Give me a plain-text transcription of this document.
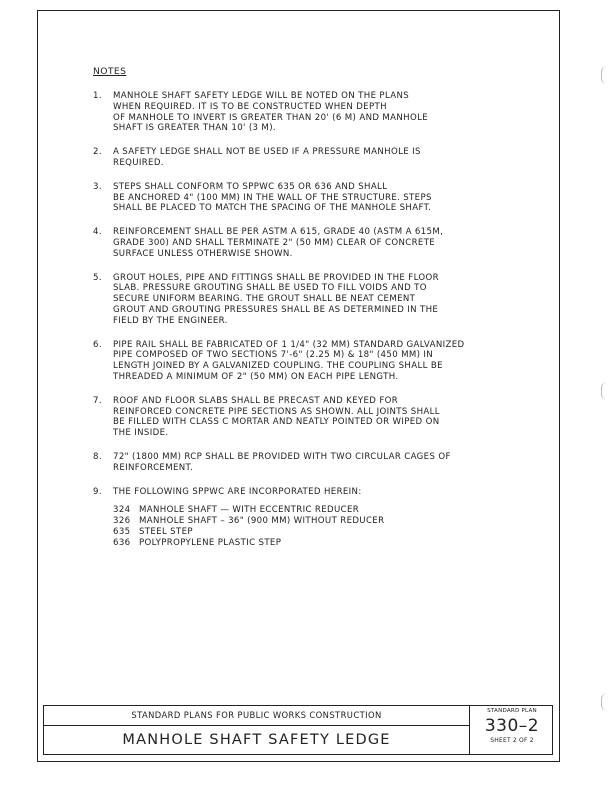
NOTES
1.	MANHOLE SHAFT SAFETY LEDGE WILL BE NOTED ON THE PLANS
WHEN REQUIRED. IT IS TO BE CONSTRUCTED WHEN DEPTH
OF MANHOLE TO INVERT IS GREATER THAN 20' (6 M) AND MANHOLE
SHAFT IS GREATER THAN 10' (3 M).
2.	A SAFETY LEDGE SHALL NOT BE USED IF A PRESSURE MANHOLE IS
REQUIRED.
3.	STEPS SHALL CONFORM TO SPPWC 635 OR 636 AND SHALL
BE ANCHORED 4" (100 MM) IN THE WALL OF THE STRUCTURE. STEPS
SHALL BE PLACED TO MATCH THE SPACING OF THE MANHOLE SHAFT.
4.	REINFORCEMENT SHALL BE PER ASTM A 615, GRADE 40 (ASTM A 615M,
GRADE 300) AND SHALL TERMINATE 2" (50 MM) CLEAR OF CONCRETE
SURFACE UNLESS OTHERWISE SHOWN.
5.	GROUT HOLES, PIPE AND FITTINGS SHALL BE PROVIDED IN THE FLOOR
SLAB. PRESSURE GROUTING SHALL BE USED TO FILL VOIDS AND TO
SECURE UNIFORM BEARING. THE GROUT SHALL BE NEAT CEMENT
GROUT AND GROUTING PRESSURES SHALL BE AS DETERMINED IN THE
FIELD BY THE ENGINEER.
6.	PIPE RAIL SHALL BE FABRICATED OF 1 1/4" (32 MM) STANDARD GALVANIZED
PIPE COMPOSED OF TWO SECTIONS 7'-6" (2.25 M) & 18" (450 MM) IN
LENGTH JOINED BY A GALVANIZED COUPLING. THE COUPLING SHALL BE
THREADED A MINIMUM OF 2" (50 MM) ON EACH PIPE LENGTH.
7.	ROOF AND FLOOR SLABS SHALL BE PRECAST AND KEYED FOR
REINFORCED CONCRETE PIPE SECTIONS AS SHOWN. ALL JOINTS SHALL
BE FILLED WITH CLASS C MORTAR AND NEATLY POINTED OR WIPED ON
THE INSIDE.
8.	72" (1800 MM) RCP SHALL BE PROVIDED WITH TWO CIRCULAR CAGES OF
REINFORCEMENT.
9.	THE FOLLOWING SPPWC ARE INCORPORATED HEREIN:
324 MANHOLE SHAFT — WITH ECCENTRIC REDUCER
326 MANHOLE SHAFT – 36" (900 MM) WITHOUT REDUCER
635 STEEL STEP
636 POLYPROPYLENE PLASTIC STEP
STANDARD PLANS FOR PUBLIC WORKS CONSTRUCTION
MANHOLE SHAFT SAFETY LEDGE
STANDARD PLAN
330–2
SHEET 2 OF 2
